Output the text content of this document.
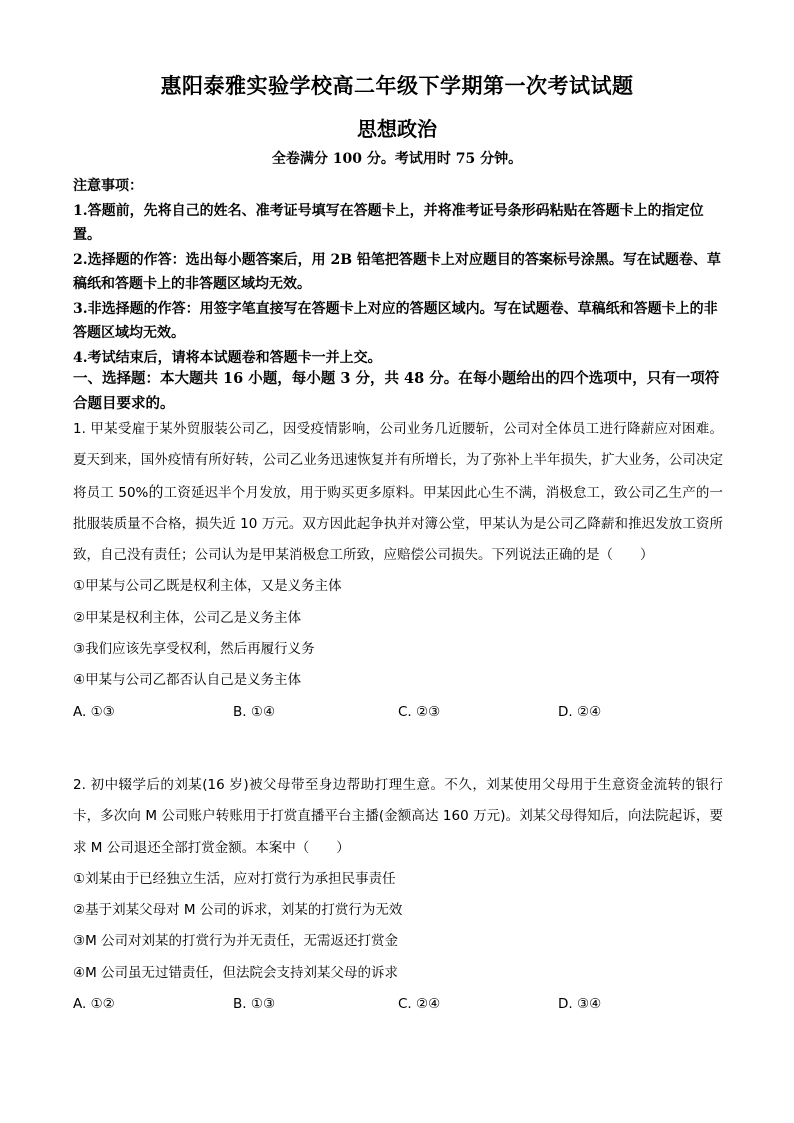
惠阳泰雅实验学校高二年级下学期第一次考试试题
思想政治
全卷满分 100 分。考试用时 75 分钟。
注意事项：
1.答题前，先将自己的姓名、准考证号填写在答题卡上，并将准考证号条形码粘贴在答题卡上的指定位置。
2.选择题的作答：选出每小题答案后，用 2B 铅笔把答题卡上对应题目的答案标号涂黑。写在试题卷、草稿纸和答题卡上的非答题区域均无效。
3.非选择题的作答：用签字笔直接写在答题卡上对应的答题区域内。写在试题卷、草稿纸和答题卡上的非答题区域均无效。
4.考试结束后，请将本试题卷和答题卡一并上交。
一、选择题：本大题共 16 小题，每小题 3 分，共 48 分。在每小题给出的四个选项中，只有一项符合题目要求的。
1. 甲某受雇于某外贸服装公司乙，因受疫情影响，公司业务几近腰斩，公司对全体员工进行降薪应对困难。夏天到来，国外疫情有所好转，公司乙业务迅速恢复并有所增长，为了弥补上半年损失，扩大业务，公司决定将员工 50%的工资延迟半个月发放，用于购买更多原料。甲某因此心生不满，消极怠工，致公司乙生产的一批服装质量不合格，损失近 10 万元。双方因此起争执并对簿公堂，甲某认为是公司乙降薪和推迟发放工资所致，自己没有责任；公司认为是甲某消极怠工所致，应赔偿公司损失。下列说法正确的是（　　）
①甲某与公司乙既是权利主体，又是义务主体
②甲某是权利主体，公司乙是义务主体
③我们应该先享受权利，然后再履行义务
④甲某与公司乙都否认自己是义务主体
A. ①③	B. ①④	C. ②③	D. ②④
2. 初中辍学后的刘某(16 岁)被父母带至身边帮助打理生意。不久，刘某使用父母用于生意资金流转的银行卡，多次向 M 公司账户转账用于打赏直播平台主播(金额高达 160 万元)。刘某父母得知后，向法院起诉，要求 M 公司退还全部打赏金额。本案中（　　）
①刘某由于已经独立生活，应对打赏行为承担民事责任
②基于刘某父母对 M 公司的诉求，刘某的打赏行为无效
③M 公司对刘某的打赏行为并无责任，无需返还打赏金
④M 公司虽无过错责任，但法院会支持刘某父母的诉求
A. ①②	B. ①③	C. ②④	D. ③④
